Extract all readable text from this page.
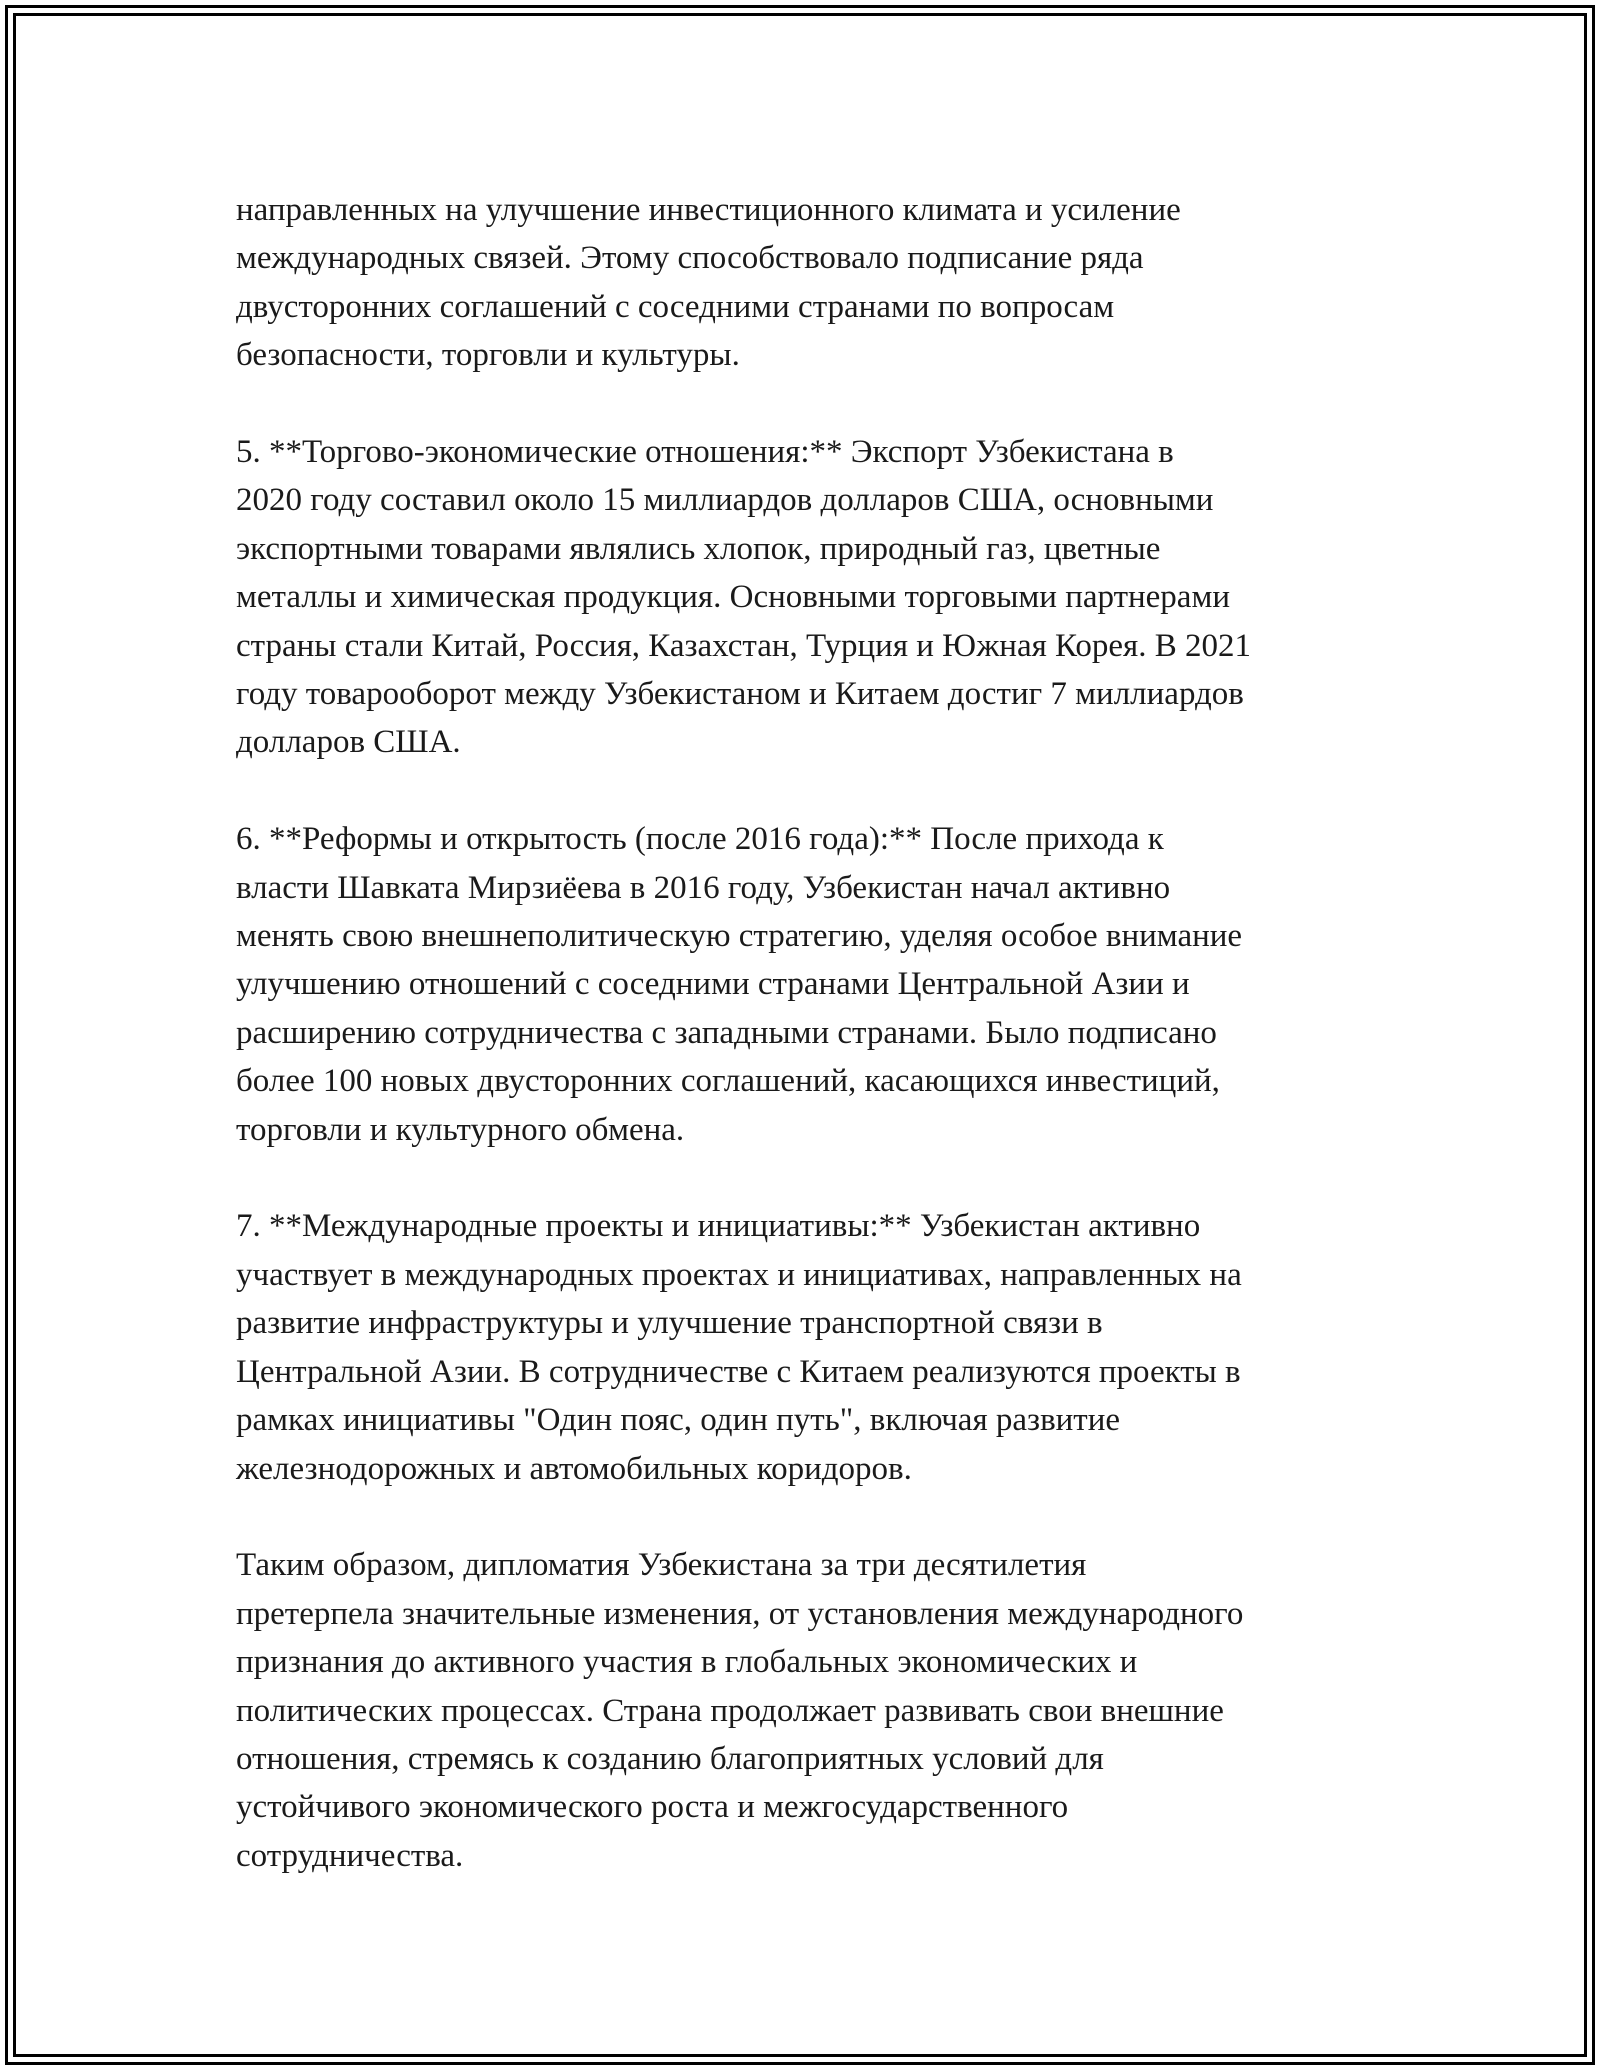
направленных на улучшение инвестиционного климата и усиление
международных связей. Этому способствовало подписание ряда
двусторонних соглашений с соседними странами по вопросам
безопасности, торговли и культуры.

5. **Торгово-экономические отношения:** Экспорт Узбекистана в
2020 году составил около 15 миллиардов долларов США, основными
экспортными товарами являлись хлопок, природный газ, цветные
металлы и химическая продукция. Основными торговыми партнерами
страны стали Китай, Россия, Казахстан, Турция и Южная Корея. В 2021
году товарооборот между Узбекистаном и Китаем достиг 7 миллиардов
долларов США.

6. **Реформы и открытость (после 2016 года):** После прихода к
власти Шавката Мирзиёева в 2016 году, Узбекистан начал активно
менять свою внешнеполитическую стратегию, уделяя особое внимание
улучшению отношений с соседними странами Центральной Азии и
расширению сотрудничества с западными странами. Было подписано
более 100 новых двусторонних соглашений, касающихся инвестиций,
торговли и культурного обмена.

7. **Международные проекты и инициативы:** Узбекистан активно
участвует в международных проектах и инициативах, направленных на
развитие инфраструктуры и улучшение транспортной связи в
Центральной Азии. В сотрудничестве с Китаем реализуются проекты в
рамках инициативы "Один пояс, один путь", включая развитие
железнодорожных и автомобильных коридоров.

Таким образом, дипломатия Узбекистана за три десятилетия
претерпела значительные изменения, от установления международного
признания до активного участия в глобальных экономических и
политических процессах. Страна продолжает развивать свои внешние
отношения, стремясь к созданию благоприятных условий для
устойчивого экономического роста и межгосударственного
сотрудничества.
